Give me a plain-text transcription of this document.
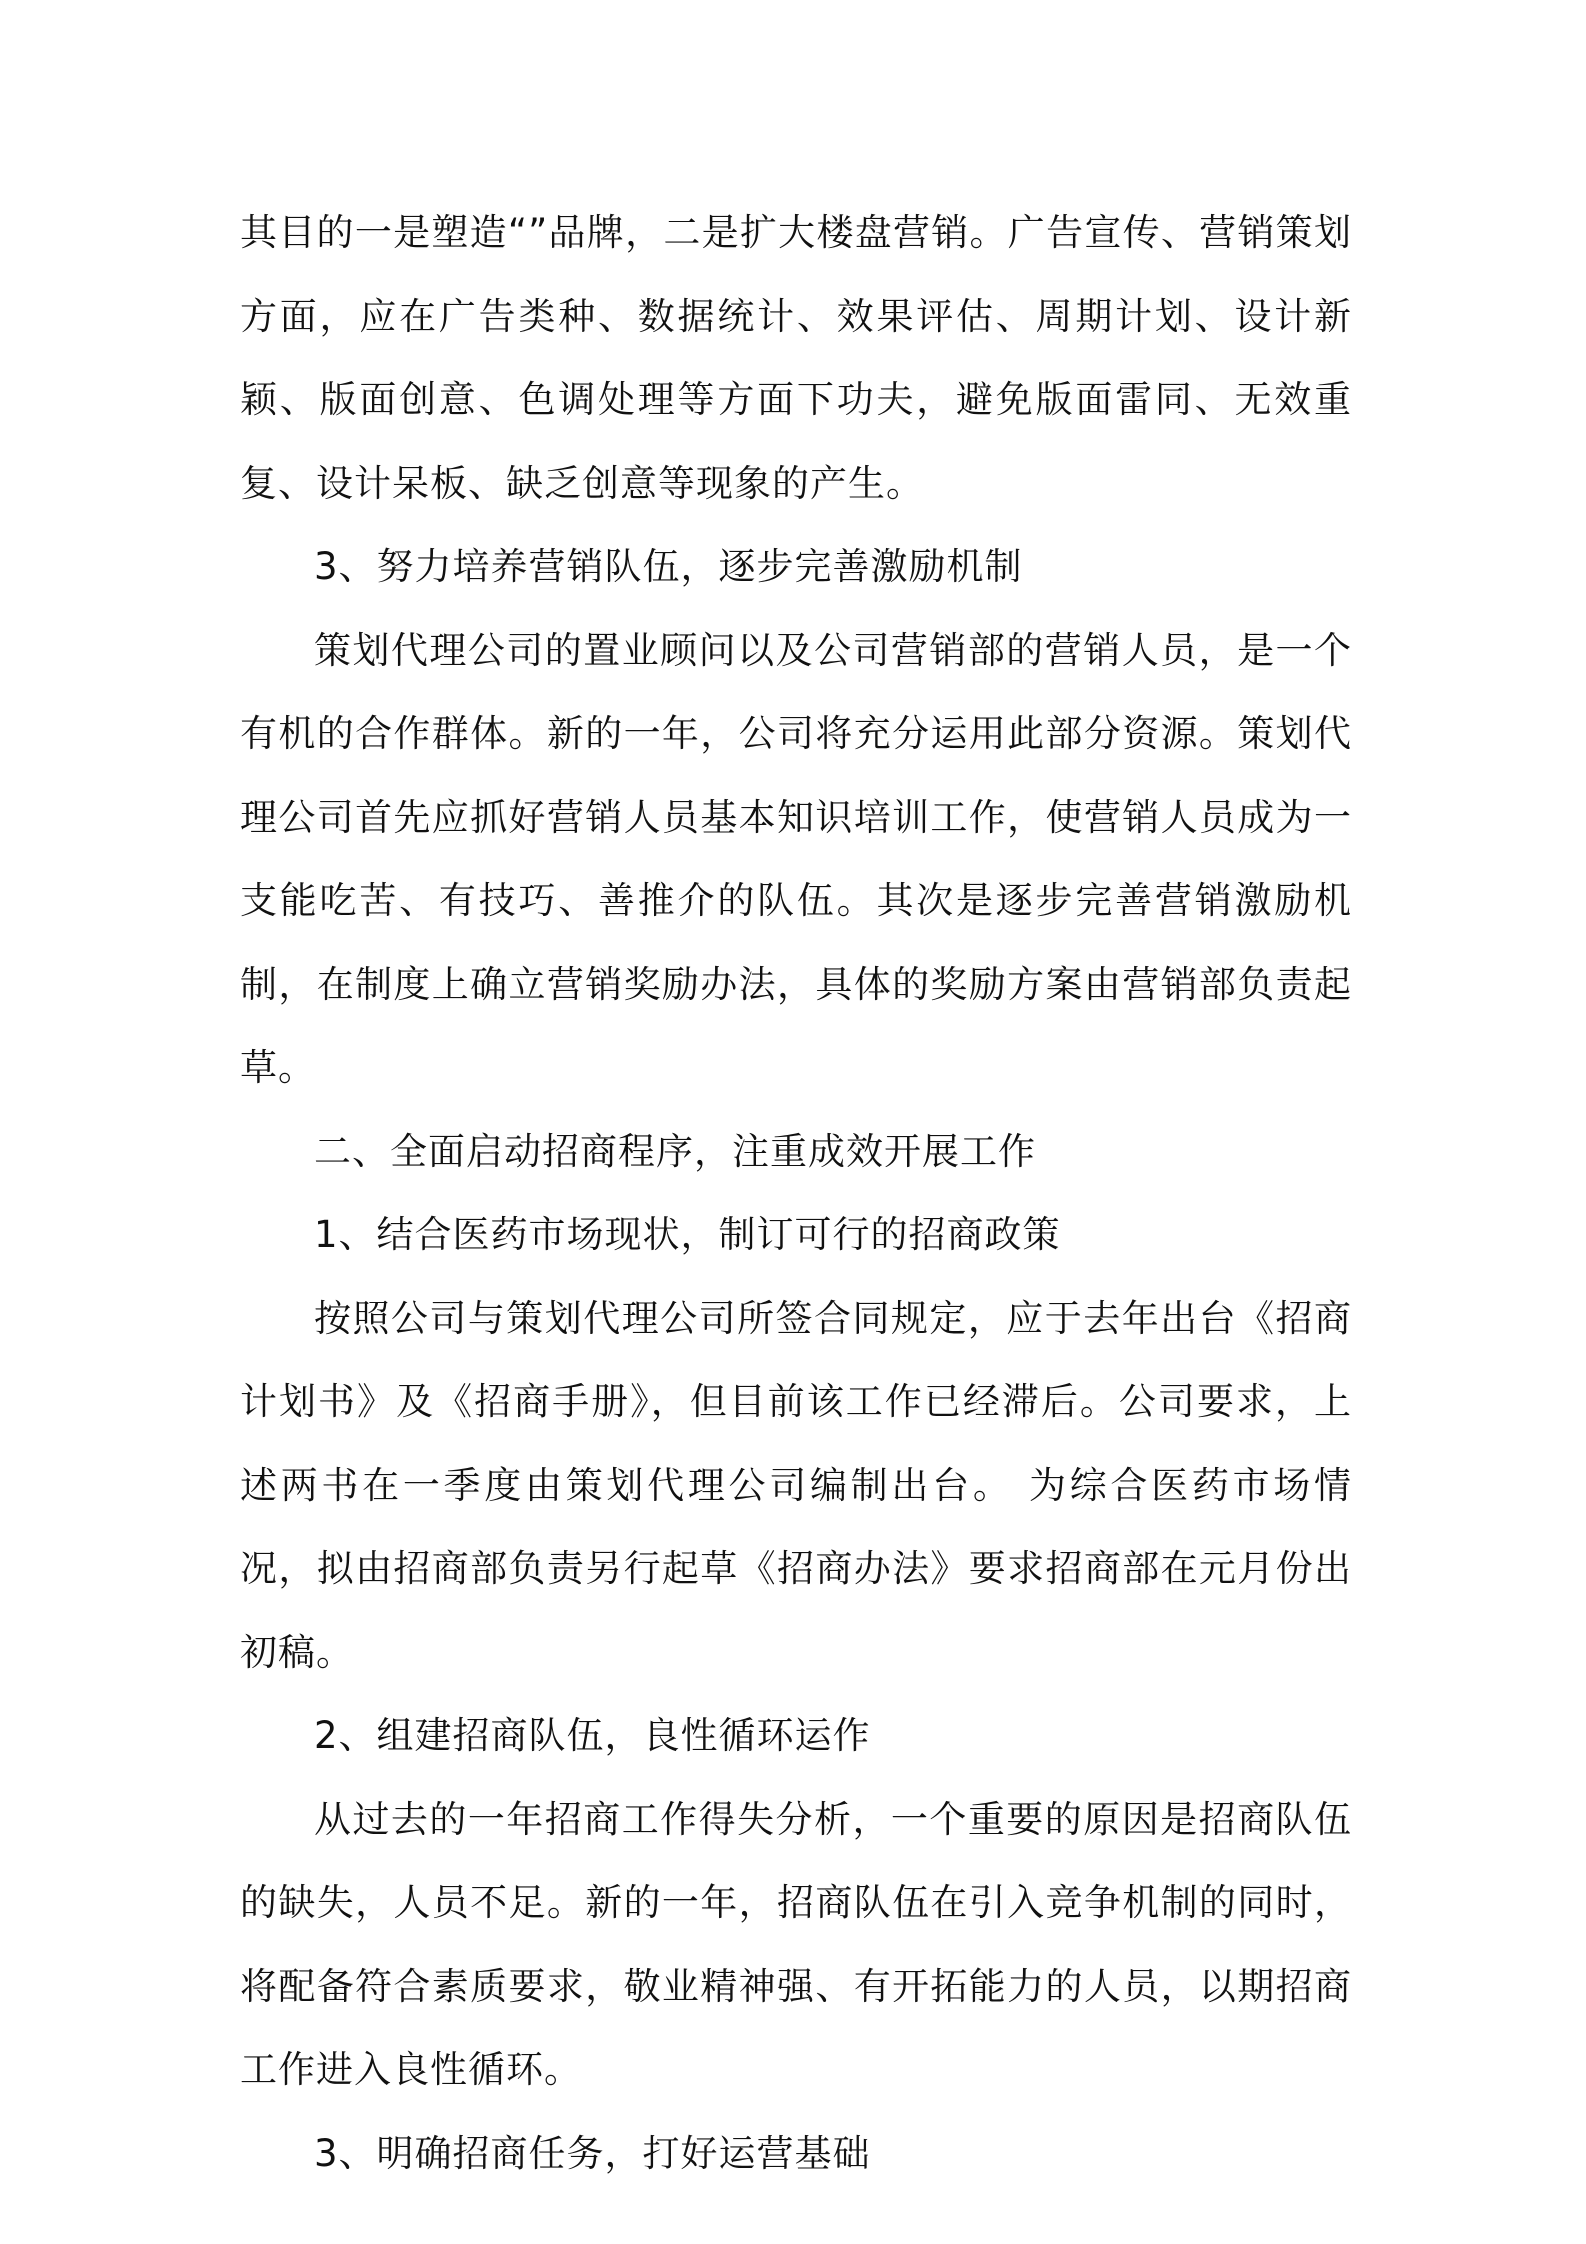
其目的一是塑造“”品牌，二是扩大楼盘营销。广告宣传、营销策划方面，应在广告类种、数据统计、效果评估、周期计划、设计新颖、版面创意、色调处理等方面下功夫，避免版面雷同、无效重复、设计呆板、缺乏创意等现象的产生。

3、努力培养营销队伍，逐步完善激励机制

策划代理公司的置业顾问以及公司营销部的营销人员，是一个有机的合作群体。新的一年，公司将充分运用此部分资源。策划代理公司首先应抓好营销人员基本知识培训工作，使营销人员成为一支能吃苦、有技巧、善推介的队伍。其次是逐步完善营销激励机制，在制度上确立营销奖励办法，具体的奖励方案由营销部负责起草。

二、全面启动招商程序，注重成效开展工作

1、结合医药市场现状，制订可行的招商政策

按照公司与策划代理公司所签合同规定，应于去年出台《招商计划书》及《招商手册》，但目前该工作已经滞后。公司要求，上述两书在一季度由策划代理公司编制出台。 为综合医药市场情况，拟由招商部负责另行起草《招商办法》要求招商部在元月份出初稿。

2、组建招商队伍，良性循环运作

从过去的一年招商工作得失分析，一个重要的原因是招商队伍的缺失，人员不足。新的一年，招商队伍在引入竞争机制的同时，将配备符合素质要求，敬业精神强、有开拓能力的人员，以期招商工作进入良性循环。

3、明确招商任务，打好运营基础
